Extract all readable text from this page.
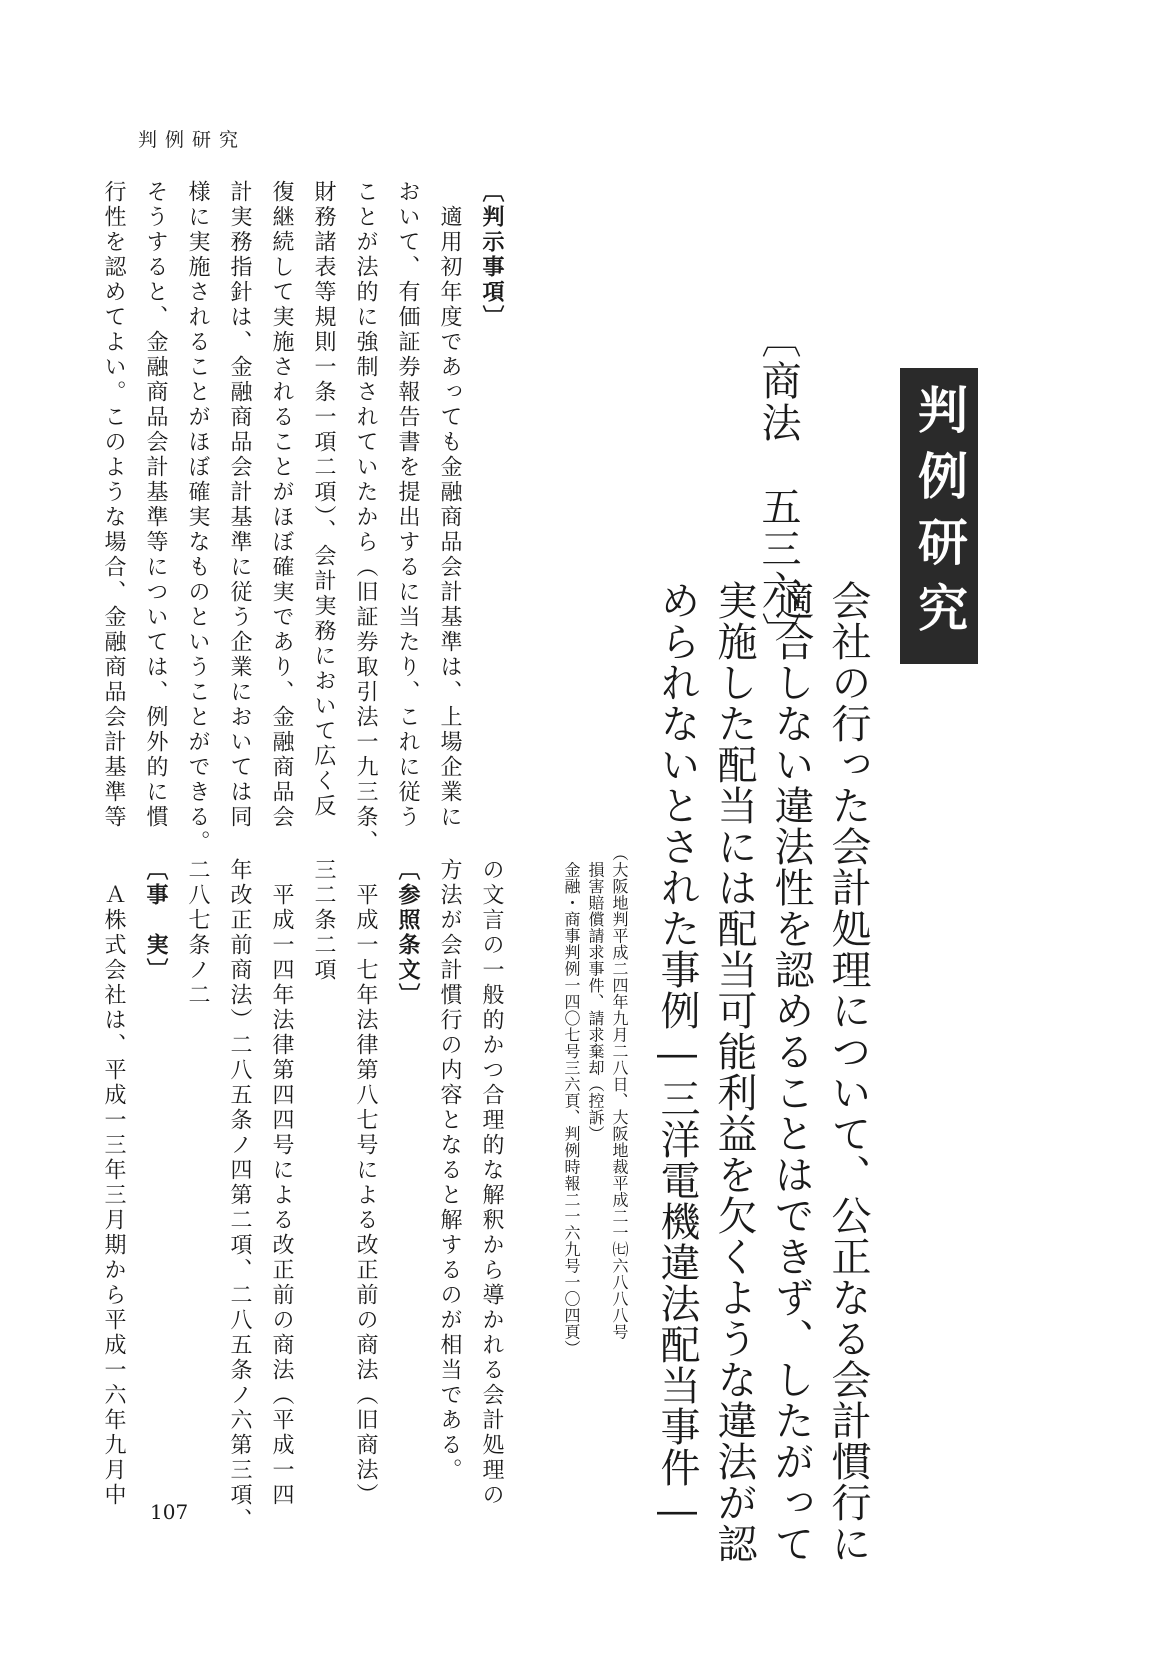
判例研究
判例研究
〔商法　五三六〕
会社の行った会計処理について、公正なる会計慣行に
適合しない違法性を認めることはできず、したがって
実施した配当には配当可能利益を欠くような違法が認
められないとされた事例―三洋電機違法配当事件―
（大阪地判平成二四年九月二八日、大阪地裁平成二一㈦六八八八号
　損害賠償請求事件、請求棄却（控訴）
　金融・商事判例一四〇七号三六頁、判例時報二一六九号一〇四頁）
〔判示事項〕
　適用初年度であっても金融商品会計基準は、上場企業に
おいて、有価証券報告書を提出するに当たり、これに従う
ことが法的に強制されていたから（旧証券取引法一九三条、
財務諸表等規則一条一項二項）、会計実務において広く反
復継続して実施されることがほぼ確実であり、金融商品会
計実務指針は、金融商品会計基準に従う企業においては同
様に実施されることがほぼ確実なものということができる。
そうすると、金融商品会計基準等については、例外的に慣
行性を認めてよい。このような場合、金融商品会計基準等
の文言の一般的かつ合理的な解釈から導かれる会計処理の
方法が会計慣行の内容となると解するのが相当である。
〔参照条文〕
　平成一七年法律第八七号による改正前の商法（旧商法）
三二条二項
　平成一四年法律第四四号による改正前の商法（平成一四
年改正前商法）二八五条ノ四第二項、二八五条ノ六第三項、
二八七条ノ二
〔事　実〕
　Ａ株式会社は、平成一三年三月期から平成一六年九月中
107
